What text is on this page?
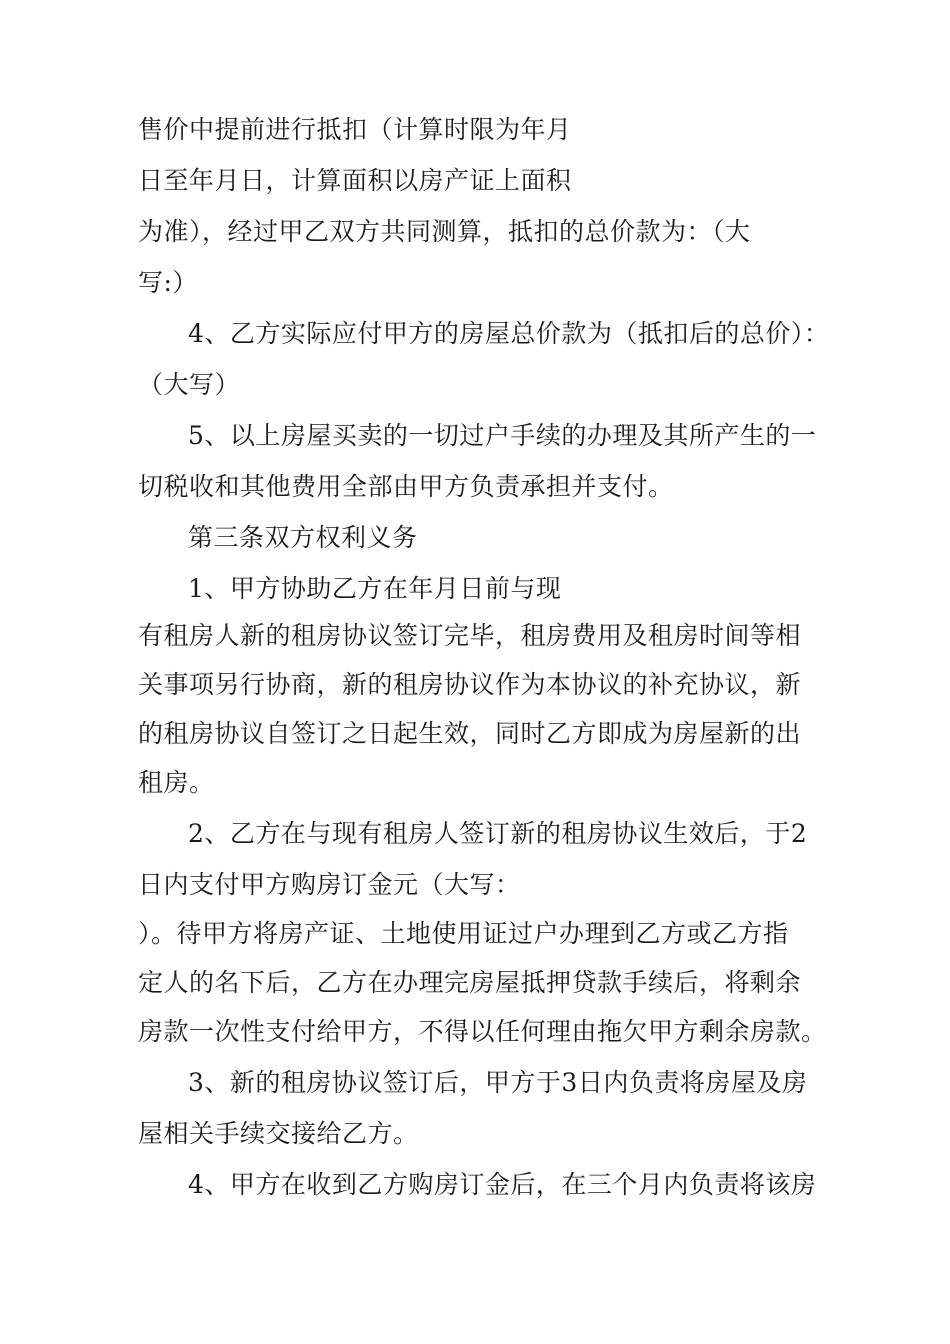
售价中提前进行抵扣（计算时限为年月
日至年月日，计算面积以房产证上面积
为准），经过甲乙双方共同测算，抵扣的总价款为：（大
写:）
4、乙方实际应付甲方的房屋总价款为（抵扣后的总价）：
（大写）
5、以上房屋买卖的一切过户手续的办理及其所产生的一
切税收和其他费用全部由甲方负责承担并支付。
第三条双方权利义务
1、甲方协助乙方在年月日前与现
有租房人新的租房协议签订完毕，租房费用及租房时间等相
关事项另行协商，新的租房协议作为本协议的补充协议，新
的租房协议自签订之日起生效，同时乙方即成为房屋新的出
租房。
2、乙方在与现有租房人签订新的租房协议生效后，于2
日内支付甲方购房订金元（大写：
）。待甲方将房产证、土地使用证过户办理到乙方或乙方指
定人的名下后，乙方在办理完房屋抵押贷款手续后，将剩余
房款一次性支付给甲方，不得以任何理由拖欠甲方剩余房款。
3、新的租房协议签订后，甲方于3日内负责将房屋及房
屋相关手续交接给乙方。
4、甲方在收到乙方购房订金后，在三个月内负责将该房
